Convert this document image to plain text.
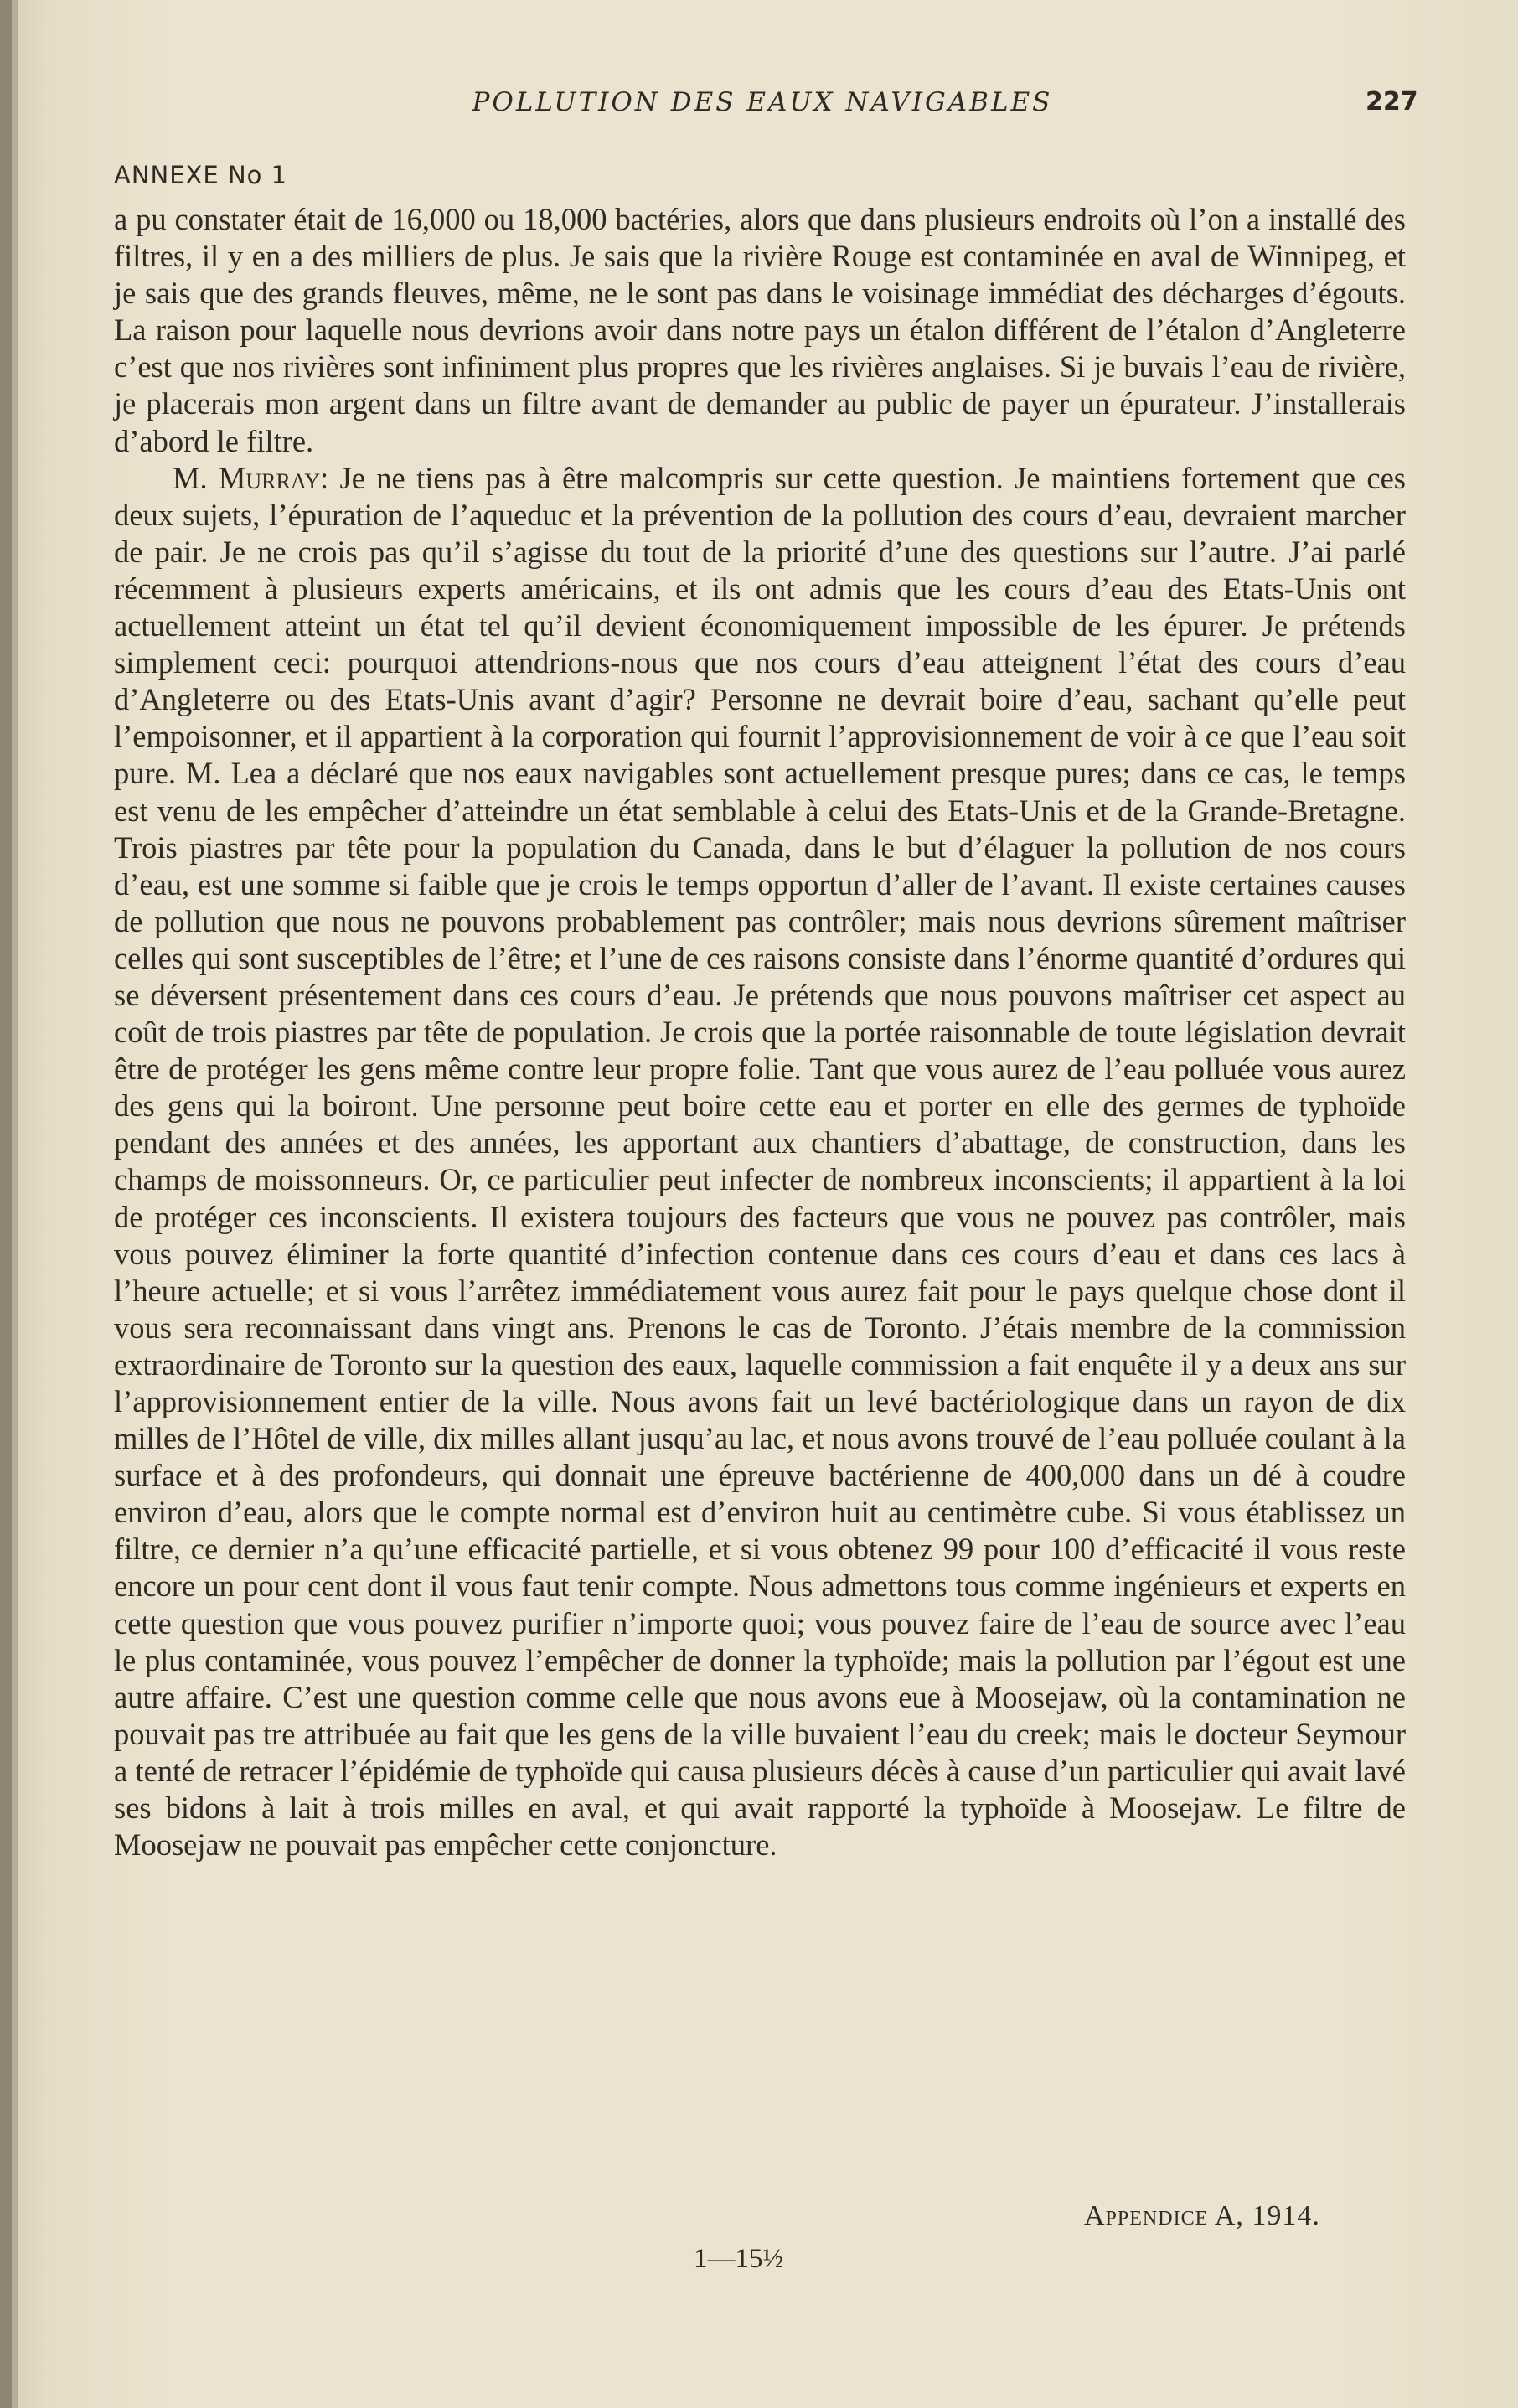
POLLUTION DES EAUX NAVIGABLES	227
ANNEXE No 1

a pu constater était de 16,000 ou 18,000 bactéries, alors que dans plusieurs endroits où l’on a installé des filtres, il y en a des milliers de plus. Je sais que la rivière Rouge est contaminée en aval de Winnipeg, et je sais que des grands fleuves, même, ne le sont pas dans le voisinage immédiat des décharges d’égouts. La raison pour laquelle nous devrions avoir dans notre pays un étalon différent de l’étalon d’Angleterre c’est que nos rivières sont infiniment plus propres que les rivières anglaises. Si je buvais l’eau de rivière, je placerais mon argent dans un filtre avant de demander au public de payer un épurateur. J’installerais d’abord le filtre.

M. Murray: Je ne tiens pas à être malcompris sur cette question. Je maintiens fortement que ces deux sujets, l’épuration de l’aqueduc et la prévention de la pollution des cours d’eau, devraient marcher de pair. Je ne crois pas qu’il s’agisse du tout de la priorité d’une des questions sur l’autre. J’ai parlé récemment à plusieurs experts américains, et ils ont admis que les cours d’eau des Etats-Unis ont actuellement atteint un état tel qu’il devient économiquement impossible de les épurer. Je prétends simplement ceci: pourquoi attendrions-nous que nos cours d’eau atteignent l’état des cours d’eau d’Angleterre ou des Etats-Unis avant d’agir? Personne ne devrait boire d’eau, sachant qu’elle peut l’empoisonner, et il appartient à la corporation qui fournit l’approvisionnement de voir à ce que l’eau soit pure. M. Lea a déclaré que nos eaux navigables sont actuellement presque pures; dans ce cas, le temps est venu de les empêcher d’atteindre un état semblable à celui des Etats-Unis et de la Grande-Bretagne. Trois piastres par tête pour la population du Canada, dans le but d’élaguer la pollution de nos cours d’eau, est une somme si faible que je crois le temps opportun d’aller de l’avant. Il existe certaines causes de pollution que nous ne pouvons probablement pas contrôler; mais nous devrions sûrement maîtriser celles qui sont susceptibles de l’être; et l’une de ces raisons consiste dans l’énorme quantité d’ordures qui se déversent présentement dans ces cours d’eau. Je prétends que nous pouvons maîtriser cet aspect au coût de trois piastres par tête de population. Je crois que la portée raisonnable de toute législation devrait être de protéger les gens même contre leur propre folie. Tant que vous aurez de l’eau polluée vous aurez des gens qui la boiront. Une personne peut boire cette eau et porter en elle des germes de typhoïde pendant des années et des années, les apportant aux chantiers d’abattage, de construction, dans les champs de moissonneurs. Or, ce particulier peut infecter de nombreux inconscients; il appartient à la loi de protéger ces inconscients. Il existera toujours des facteurs que vous ne pouvez pas contrôler, mais vous pouvez éliminer la forte quantité d’infection contenue dans ces cours d’eau et dans ces lacs à l’heure actuelle; et si vous l’arrêtez immédiatement vous aurez fait pour le pays quelque chose dont il vous sera reconnaissant dans vingt ans. Prenons le cas de Toronto. J’étais membre de la commission extraordinaire de Toronto sur la question des eaux, laquelle commission a fait enquête il y a deux ans sur l’approvisionnement entier de la ville. Nous avons fait un levé bactériologique dans un rayon de dix milles de l’Hôtel de ville, dix milles allant jusqu’au lac, et nous avons trouvé de l’eau polluée coulant à la surface et à des profondeurs, qui donnait une épreuve bactérienne de 400,000 dans un dé à coudre environ d’eau, alors que le compte normal est d’environ huit au centimètre cube. Si vous établissez un filtre, ce dernier n’a qu’une efficacité partielle, et si vous obtenez 99 pour 100 d’efficacité il vous reste encore un pour cent dont il vous faut tenir compte. Nous admettons tous comme ingénieurs et experts en cette question que vous pouvez purifier n’importe quoi; vous pouvez faire de l’eau de source avec l’eau le plus contaminée, vous pouvez l’empêcher de donner la typhoïde; mais la pollution par l’égout est une autre affaire. C’est une question comme celle que nous avons eue à Moosejaw, où la contamination ne pouvait pas tre attribuée au fait que les gens de la ville buvaient l’eau du creek; mais le docteur Seymour a tenté de retracer l’épidémie de typhoïde qui causa plusieurs décès à cause d’un particulier qui avait lavé ses bidons à lait à trois milles en aval, et qui avait rapporté la typhoïde à Moosejaw. Le filtre de Moosejaw ne pouvait pas empêcher cette conjoncture.

Appendice A, 1914.
1—15½
